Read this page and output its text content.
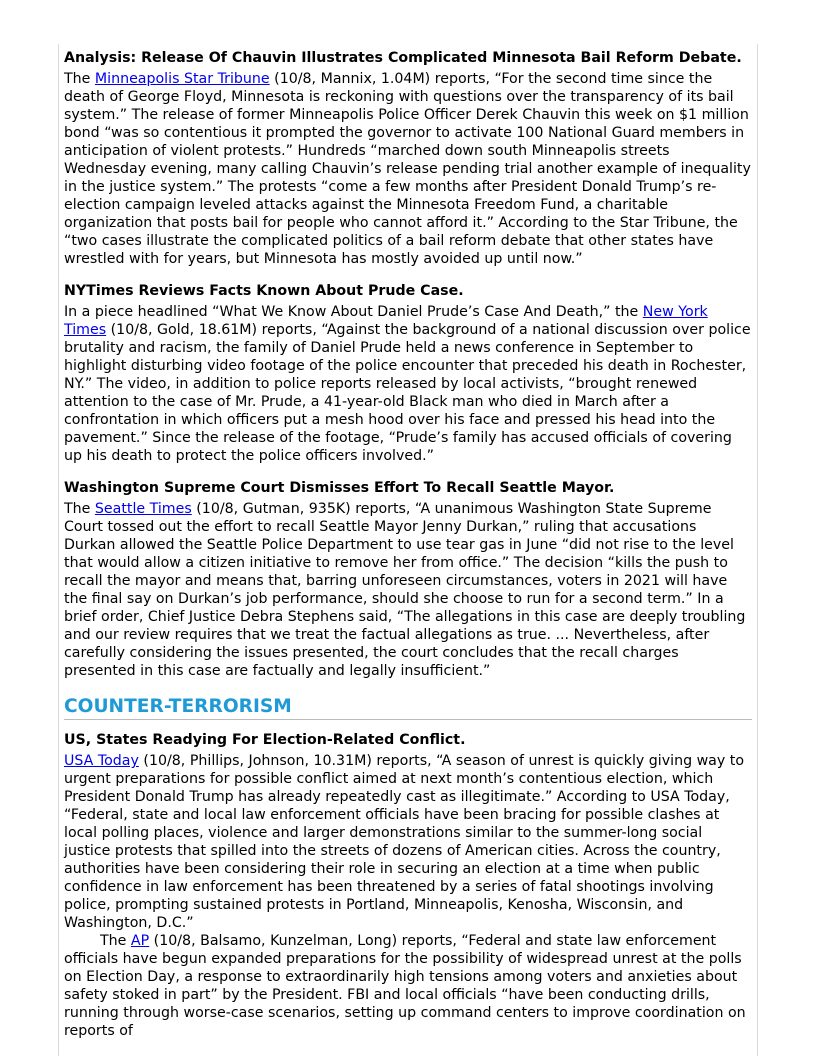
Analysis: Release Of Chauvin Illustrates Complicated Minnesota Bail Reform Debate.

The Minneapolis Star Tribune (10/8, Mannix, 1.04M) reports, “For the second time since the death of George Floyd, Minnesota is reckoning with questions over the transparency of its bail system.” The release of former Minneapolis Police Officer Derek Chauvin this week on $1 million bond “was so contentious it prompted the governor to activate 100 National Guard members in anticipation of violent protests.” Hundreds “marched down south Minneapolis streets Wednesday evening, many calling Chauvin’s release pending trial another example of inequality in the justice system.” The protests “come a few months after President Donald Trump’s re-election campaign leveled attacks against the Minnesota Freedom Fund, a charitable organization that posts bail for people who cannot afford it.” According to the Star Tribune, the “two cases illustrate the complicated politics of a bail reform debate that other states have wrestled with for years, but Minnesota has mostly avoided up until now.”

NYTimes Reviews Facts Known About Prude Case.

In a piece headlined “What We Know About Daniel Prude’s Case And Death,” the New York Times (10/8, Gold, 18.61M) reports, “Against the background of a national discussion over police brutality and racism, the family of Daniel Prude held a news conference in September to highlight disturbing video footage of the police encounter that preceded his death in Rochester, NY.” The video, in addition to police reports released by local activists, “brought renewed attention to the case of Mr. Prude, a 41-year-old Black man who died in March after a confrontation in which officers put a mesh hood over his face and pressed his head into the pavement.” Since the release of the footage, “Prude’s family has accused officials of covering up his death to protect the police officers involved.”

Washington Supreme Court Dismisses Effort To Recall Seattle Mayor.

The Seattle Times (10/8, Gutman, 935K) reports, “A unanimous Washington State Supreme Court tossed out the effort to recall Seattle Mayor Jenny Durkan,” ruling that accusations Durkan allowed the Seattle Police Department to use tear gas in June “did not rise to the level that would allow a citizen initiative to remove her from office.” The decision “kills the push to recall the mayor and means that, barring unforeseen circumstances, voters in 2021 will have the final say on Durkan’s job performance, should she choose to run for a second term.” In a brief order, Chief Justice Debra Stephens said, “The allegations in this case are deeply troubling and our review requires that we treat the factual allegations as true. ... Nevertheless, after carefully considering the issues presented, the court concludes that the recall charges presented in this case are factually and legally insufficient.”

COUNTER-TERRORISM
US, States Readying For Election-Related Conflict.

USA Today (10/8, Phillips, Johnson, 10.31M) reports, “A season of unrest is quickly giving way to urgent preparations for possible conflict aimed at next month’s contentious election, which President Donald Trump has already repeatedly cast as illegitimate.” According to USA Today, “Federal, state and local law enforcement officials have been bracing for possible clashes at local polling places, violence and larger demonstrations similar to the summer-long social justice protests that spilled into the streets of dozens of American cities. Across the country, authorities have been considering their role in securing an election at a time when public confidence in law enforcement has been threatened by a series of fatal shootings involving police, prompting sustained protests in Portland, Minneapolis, Kenosha, Wisconsin, and Washington, D.C.”

The AP (10/8, Balsamo, Kunzelman, Long) reports, “Federal and state law enforcement officials have begun expanded preparations for the possibility of widespread unrest at the polls on Election Day, a response to extraordinarily high tensions among voters and anxieties about safety stoked in part” by the President. FBI and local officials “have been conducting drills, running through worse-case scenarios, setting up command centers to improve coordination on reports of
